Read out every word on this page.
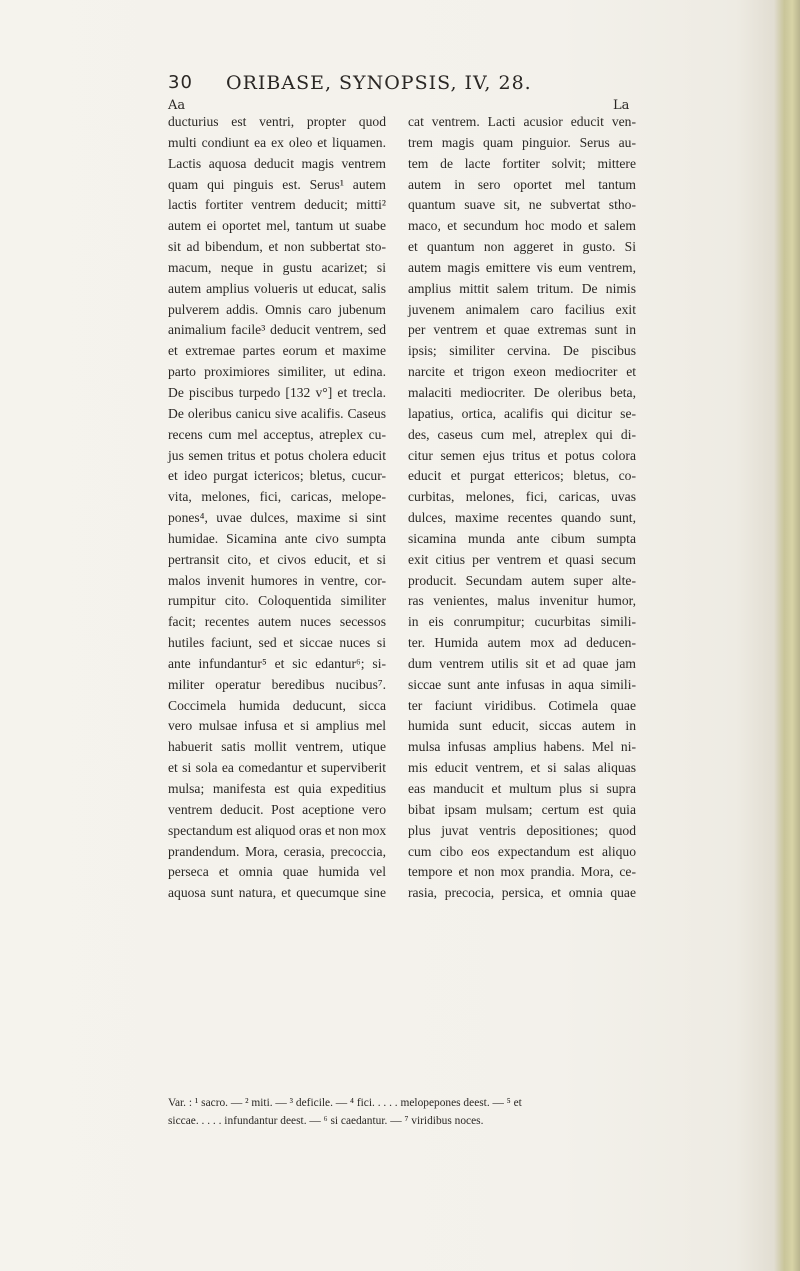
30 ORIBASE, SYNOPSIS, IV, 28.
Aa	La

ducturius est ventri, propter quod

multi condiunt ea ex oleo et liquamen.

Lactis aquosa deducit magis ventrem

quam qui pinguis est. Serus¹ autem

lactis fortiter ventrem deducit; mitti²

autem ei oportet mel, tantum ut suabe

sit ad bibendum, et non subbertat sto-

macum, neque in gustu acarizet; si

autem amplius volueris ut educat, salis

pulverem addis. Omnis caro jubenum

animalium facile³ deducit ventrem, sed

et extremae partes eorum et maxime

parto proximiores similiter, ut edina.

De piscibus turpedo [132 v°] et trecla.

De oleribus canicu sive acalifis. Caseus

recens cum mel acceptus, atreplex cu-

jus semen tritus et potus cholera educit

et ideo purgat ictericos; bletus, cucur-

vita, melones, fici, caricas, melope-

pones⁴, uvae dulces, maxime si sint

humidae. Sicamina ante civo sumpta

pertransit cito, et civos educit, et si

malos invenit humores in ventre, cor-

rumpitur cito. Coloquentida similiter

facit; recentes autem nuces secessos

hutiles faciunt, sed et siccae nuces si

ante infundantur⁵ et sic edantur⁶; si-

militer operatur beredibus nucibus⁷.

Coccimela humida deducunt, sicca

vero mulsae infusa et si amplius mel

habuerit satis mollit ventrem, utique

et si sola ea comedantur et superviberit

mulsa; manifesta est quia expeditius

ventrem deducit. Post aceptione vero

spectandum est aliquod oras et non mox

prandendum. Mora, cerasia, precoccia,

perseca et omnia quae humida vel

aquosa sunt natura, et quecumque sine

cat ventrem. Lacti acusior educit ven-

trem magis quam pinguior. Serus au-

tem de lacte fortiter solvit; mittere

autem in sero oportet mel tantum

quantum suave sit, ne subvertat stho-

maco, et secundum hoc modo et salem

et quantum non aggeret in gusto. Si

autem magis emittere vis eum ventrem,

amplius mittit salem tritum. De nimis

juvenem animalem caro facilius exit

per ventrem et quae extremas sunt in

ipsis; similiter cervina. De piscibus

narcite et trigon exeon mediocriter et

malaciti mediocriter. De oleribus beta,

lapatius, ortica, acalifis qui dicitur se-

des, caseus cum mel, atreplex qui di-

citur semen ejus tritus et potus colora

educit et purgat ettericos; bletus, co-

curbitas, melones, fici, caricas, uvas

dulces, maxime recentes quando sunt,

sicamina munda ante cibum sumpta

exit citius per ventrem et quasi secum

producit. Secundam autem super alte-

ras venientes, malus invenitur humor,

in eis conrumpitur; cucurbitas simili-

ter. Humida autem mox ad deducen-

dum ventrem utilis sit et ad quae jam

siccae sunt ante infusas in aqua simili-

ter faciunt viridibus. Cotimela quae

humida sunt educit, siccas autem in

mulsa infusas amplius habens. Mel ni-

mis educit ventrem, et si salas aliquas

eas manducit et multum plus si supra

bibat ipsam mulsam; certum est quia

plus juvat ventris depositiones; quod

cum cibo eos expectandum est aliquo

tempore et non mox prandia. Mora, ce-

rasia, precocia, persica, et omnia quae

Var. : ¹ sacro. — ² miti. — ³ deficile. — ⁴ fici. . . . . melopepones deest. — ⁵ et

siccae. . . . . infundantur deest. — ⁶ si caedantur. — ⁷ viridibus noces.
